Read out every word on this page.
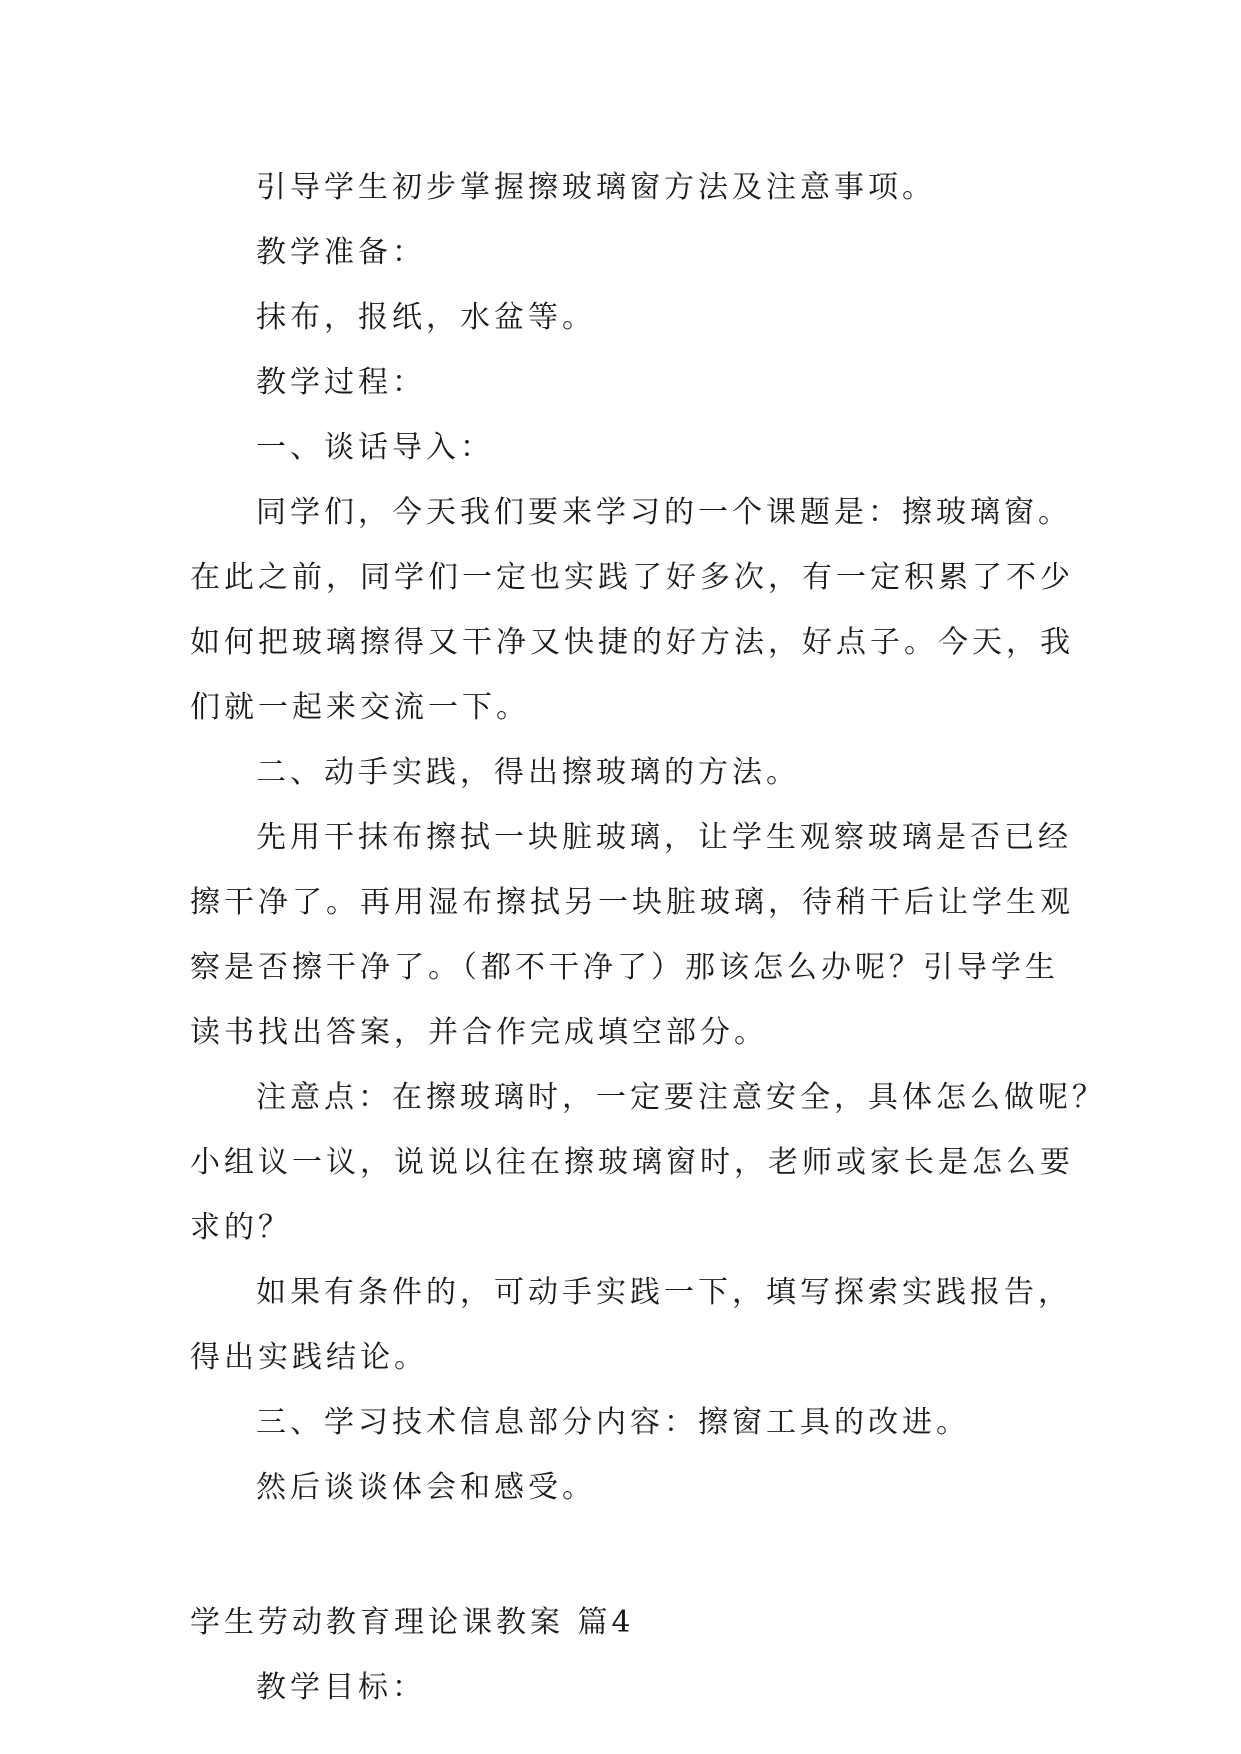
引导学生初步掌握擦玻璃窗方法及注意事项。
教学准备：
抹布，报纸，水盆等。
教学过程：
一、谈话导入：
同学们，今天我们要来学习的一个课题是：擦玻璃窗。
在此之前，同学们一定也实践了好多次，有一定积累了不少
如何把玻璃擦得又干净又快捷的好方法，好点子。今天，我
们就一起来交流一下。
二、动手实践，得出擦玻璃的方法。
先用干抹布擦拭一块脏玻璃，让学生观察玻璃是否已经
擦干净了。再用湿布擦拭另一块脏玻璃，待稍干后让学生观
察是否擦干净了。（都不干净了）那该怎么办呢？引导学生
读书找出答案，并合作完成填空部分。
注意点：在擦玻璃时，一定要注意安全，具体怎么做呢？
小组议一议，说说以往在擦玻璃窗时，老师或家长是怎么要
求的？
如果有条件的，可动手实践一下，填写探索实践报告，
得出实践结论。
三、学习技术信息部分内容：擦窗工具的改进。
然后谈谈体会和感受。
学生劳动教育理论课教案 篇4
教学目标：
